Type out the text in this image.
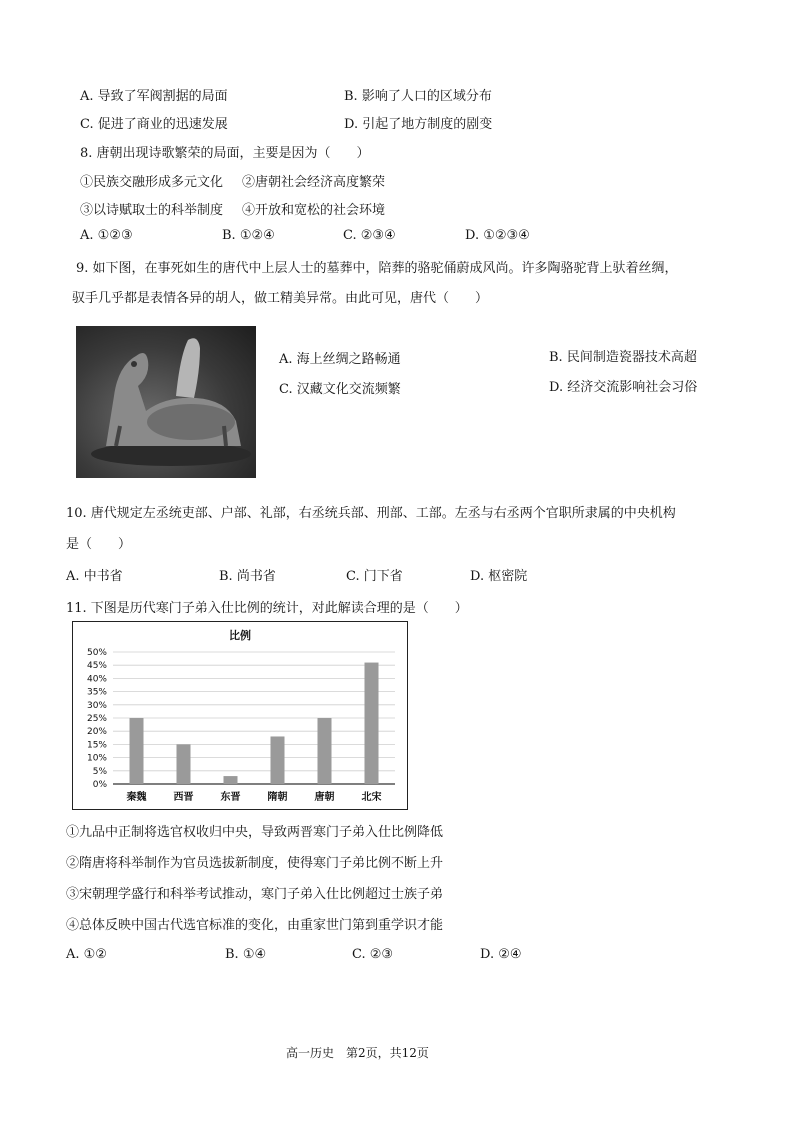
A. 导致了军阀割据的局面	B. 影响了人口的区域分布
C. 促进了商业的迅速发展	D. 引起了地方制度的剧变
8. 唐朝出现诗歌繁荣的局面，主要是因为（　　）
①民族交融形成多元文化 ②唐朝社会经济高度繁荣
③以诗赋取士的科举制度 ④开放和宽松的社会环境
A. ①②③	B. ①②④	C. ②③④	D. ①②③④
9. 如下图，在事死如生的唐代中上层人士的墓葬中，陪葬的骆驼俑蔚成风尚。许多陶骆驼背上驮着丝绸，
驭手几乎都是表情各异的胡人，做工精美异常。由此可见，唐代（　　）
A. 海上丝绸之路畅通	B. 民间制造瓷器技术高超
C. 汉藏文化交流频繁	D. 经济交流影响社会习俗
10. 唐代规定左丞统吏部、户部、礼部，右丞统兵部、刑部、工部。左丞与右丞两个官职所隶属的中央机构
是（　　）
A. 中书省	B. 尚书省	C. 门下省	D. 枢密院
11. 下图是历代寒门子弟入仕比例的统计，对此解读合理的是（　　）
比例
0%
5%
10%
15%
20%
25%
30%
35%
40%
45%
50%
秦魏	西晋	东晋	隋朝	唐朝	北宋
①九品中正制将选官权收归中央，导致两晋寒门子弟入仕比例降低
②隋唐将科举制作为官员选拔新制度，使得寒门子弟比例不断上升
③宋朝理学盛行和科举考试推动，寒门子弟入仕比例超过士族子弟
④总体反映中国古代选官标准的变化，由重家世门第到重学识才能
A. ①②	B. ①④	C. ②③	D. ②④
高一历史　第2页，共12页
